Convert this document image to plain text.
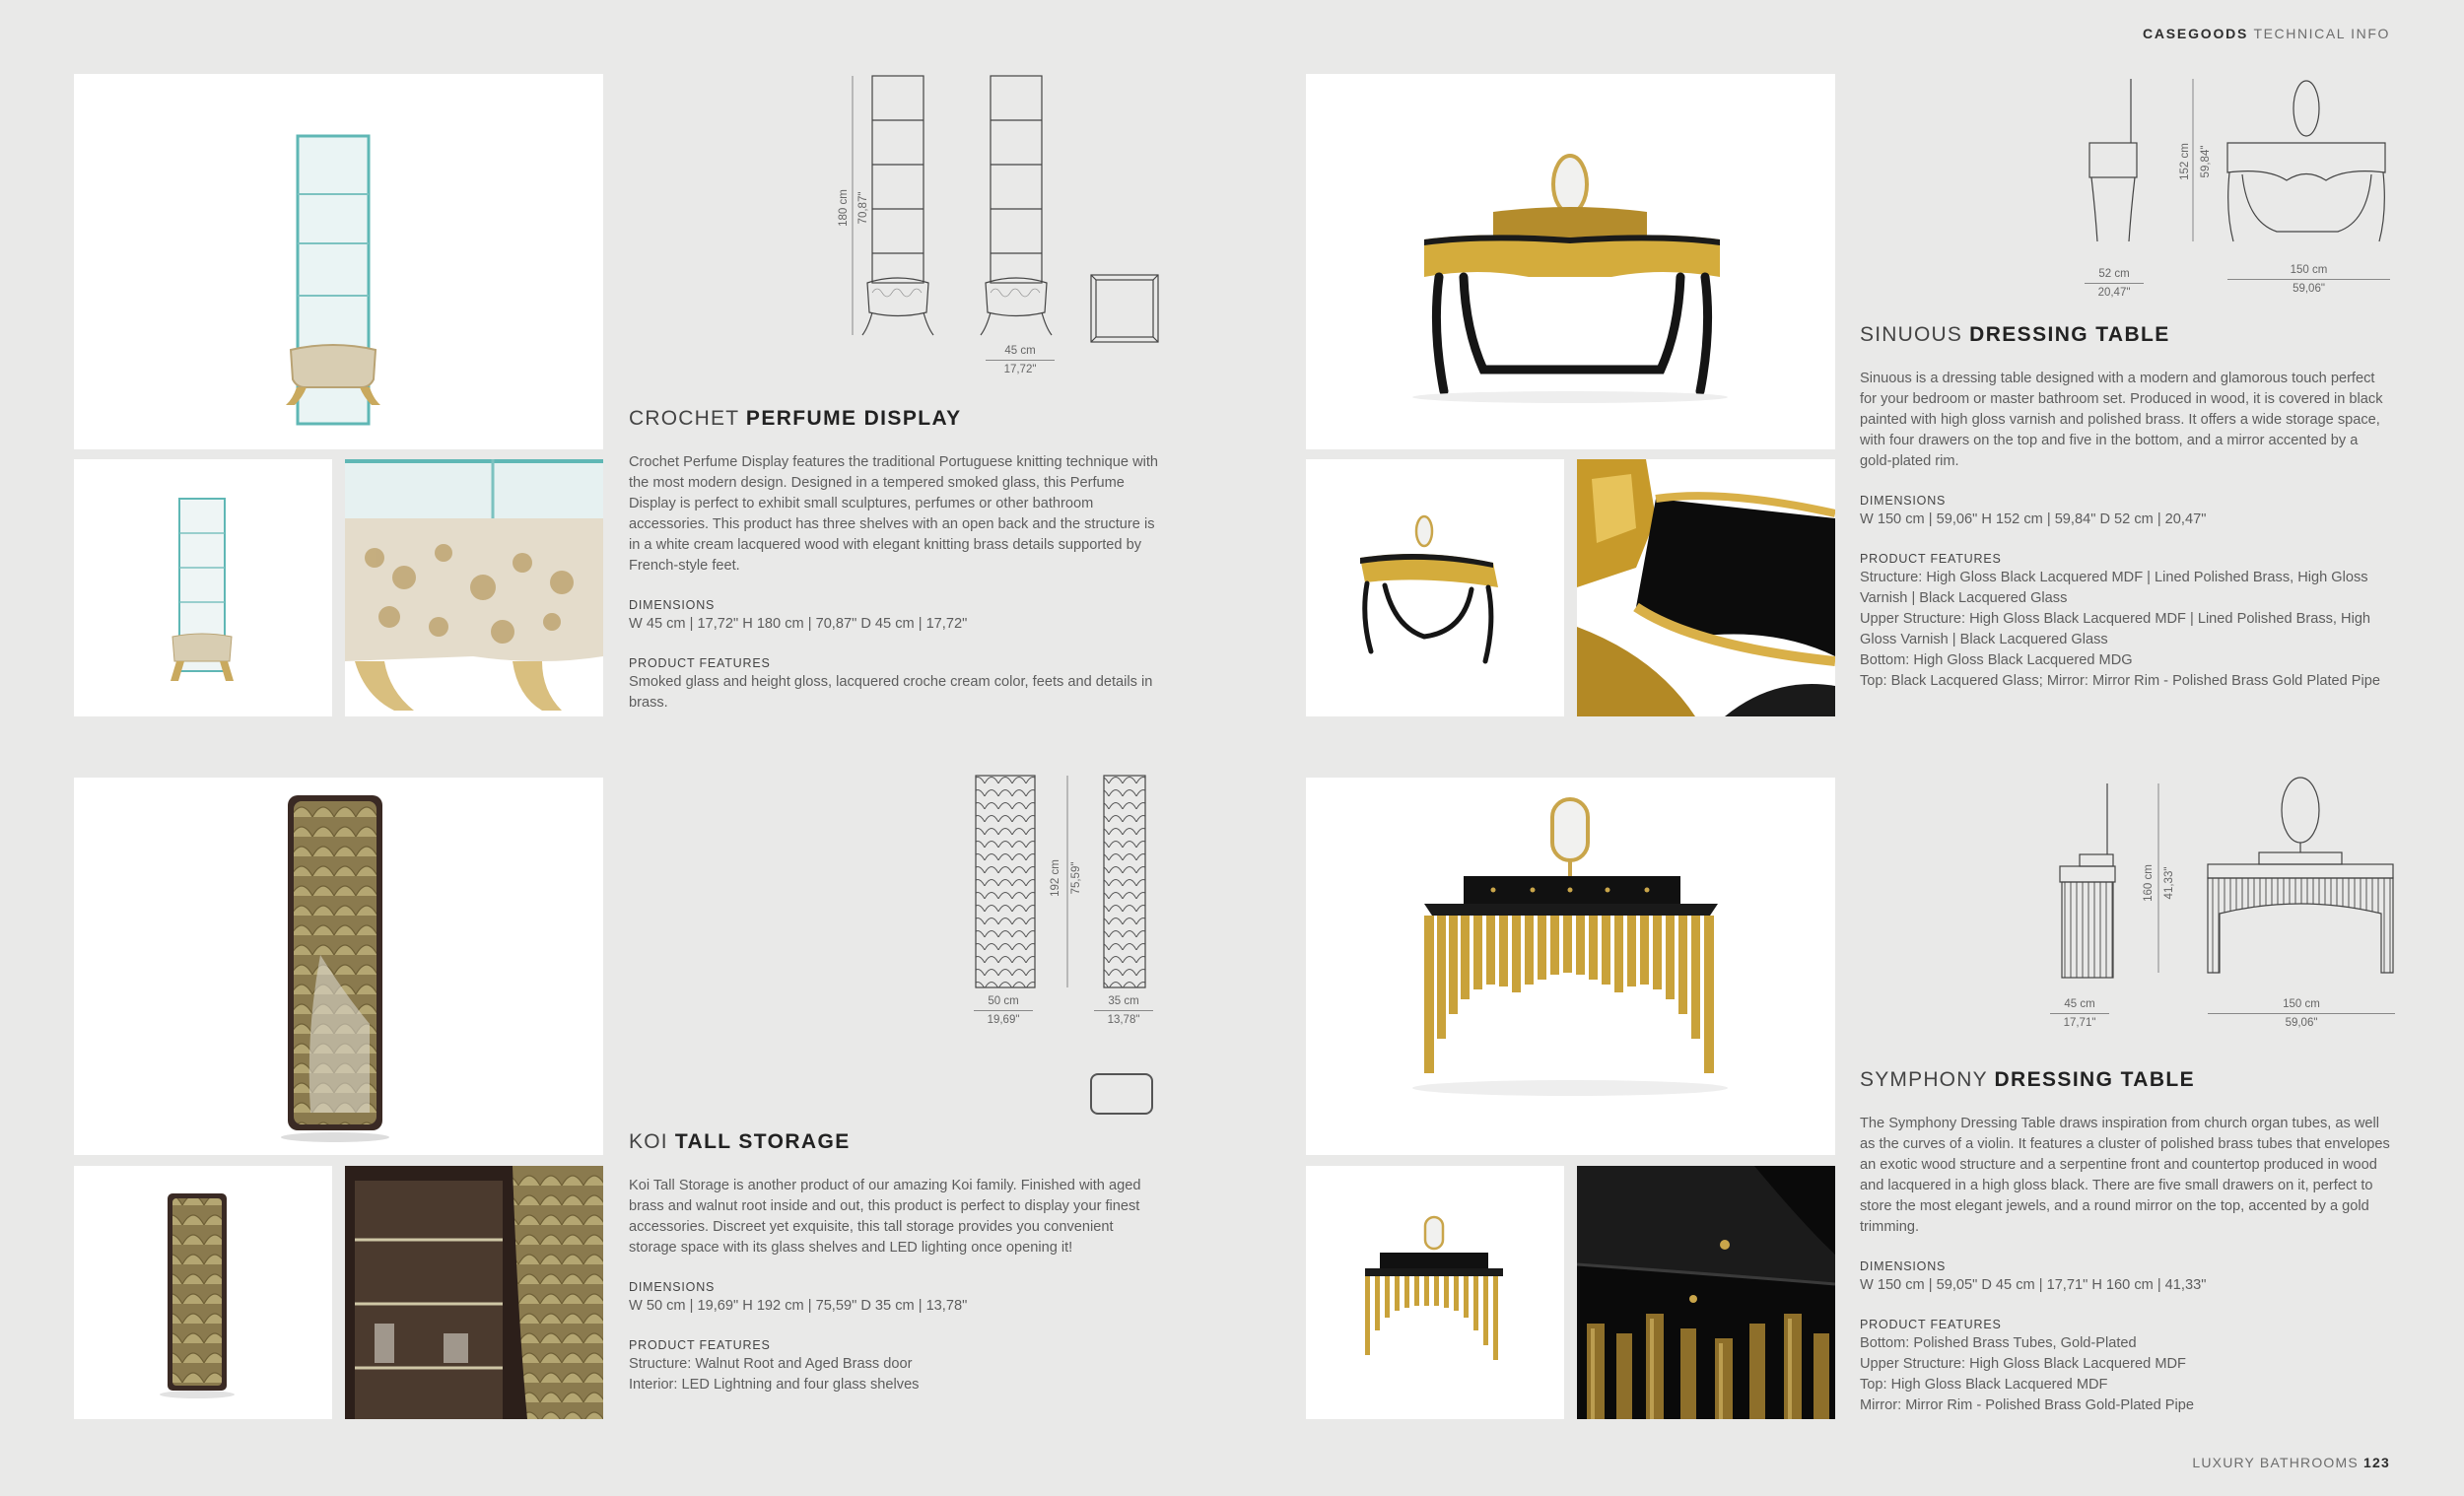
CASEGOODS TECHNICAL INFO
LUXURY BATHROOMS 123
180 cm 70,87"
45 cm
17,72"
CROCHET PERFUME DISPLAY
Crochet Perfume Display features the traditional Portuguese knitting technique with the most modern design. Designed in a tempered smoked glass, this Perfume Display is perfect to exhibit small sculptures, perfumes or other bathroom accessories. This product has three shelves with an open back and the structure is in a white cream lacquered wood with elegant knitting brass details supported by French-style feet.
DIMENSIONS
W 45 cm | 17,72" H 180 cm | 70,87" D 45 cm | 17,72"
PRODUCT FEATURES
Smoked glass and height gloss, lacquered croche cream color, feets and details in brass.
152 cm 59,84"
52 cm
20,47"
150 cm
59,06"
SINUOUS DRESSING TABLE
Sinuous is a dressing table designed with a modern and glamorous touch perfect for your bedroom or master bathroom set. Produced in wood, it is covered in black painted with high gloss varnish and polished brass. It offers a wide storage space, with four drawers on the top and five in the bottom, and a mirror accented by a gold-plated rim.
DIMENSIONS
W 150 cm | 59,06" H 152 cm | 59,84" D 52 cm | 20,47"
PRODUCT FEATURES
Structure: High Gloss Black Lacquered MDF | Lined Polished Brass, High Gloss Varnish | Black Lacquered Glass
Upper Structure: High Gloss Black Lacquered MDF | Lined Polished Brass, High Gloss Varnish | Black Lacquered Glass
Bottom: High Gloss Black Lacquered MDG
Top: Black Lacquered Glass; Mirror: Mirror Rim - Polished Brass Gold Plated Pipe
192 cm 75,59"
50 cm
19,69"
35 cm
13,78"
KOI TALL STORAGE
Koi Tall Storage is another product of our amazing Koi family. Finished with aged brass and walnut root inside and out, this product is perfect to display your finest accessories. Discreet yet exquisite, this tall storage provides you convenient storage space with its glass shelves and LED lighting once opening it!
DIMENSIONS
W 50 cm | 19,69" H 192 cm | 75,59" D 35 cm | 13,78"
PRODUCT FEATURES
Structure: Walnut Root and Aged Brass door
Interior: LED Lightning and four glass shelves
160 cm 41,33"
45 cm
17,71"
150 cm
59,06"
SYMPHONY DRESSING TABLE
The Symphony Dressing Table draws inspiration from church organ tubes, as well as the curves of a violin. It features a cluster of polished brass tubes that envelopes an exotic wood structure and a serpentine front and countertop produced in wood and lacquered in a high gloss black. There are five small drawers on it, perfect to store the most elegant jewels, and a round mirror on the top, accented by a gold trimming.
DIMENSIONS
W 150 cm | 59,05" D 45 cm | 17,71" H 160 cm | 41,33"
PRODUCT FEATURES
Bottom: Polished Brass Tubes, Gold-Plated
Upper Structure: High Gloss Black Lacquered MDF
Top: High Gloss Black Lacquered MDF
Mirror: Mirror Rim - Polished Brass Gold-Plated Pipe
